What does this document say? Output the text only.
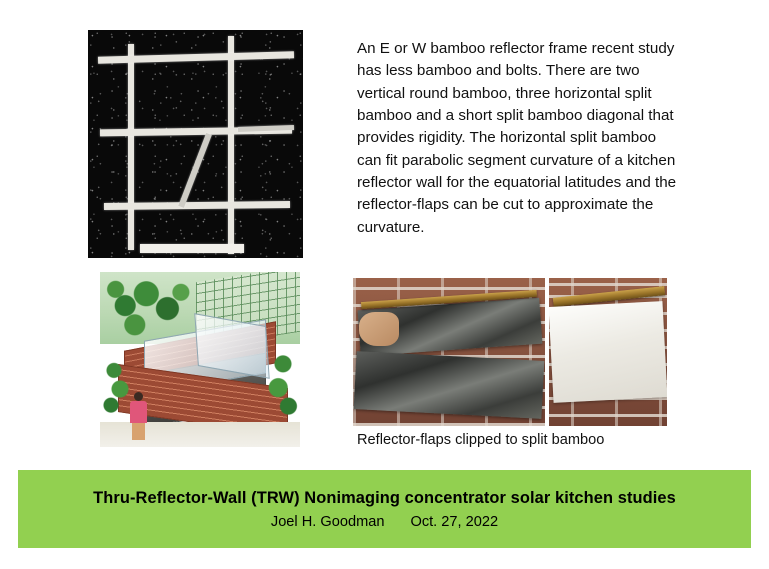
An E or W bamboo reflector frame recent study has less bamboo and bolts. There are two vertical round bamboo, three horizontal split bamboo and a short split bamboo diagonal that provides rigidity. The horizontal split bamboo can fit parabolic segment curvature of a kitchen reflector wall for the equatorial latitudes and the reflector-flaps can be cut to approximate the curvature.
Reflector-flaps clipped to split bamboo
Thru-Reflector-Wall (TRW) Nonimaging concentrator solar kitchen studies
Joel H. Goodman Oct. 27, 2022
